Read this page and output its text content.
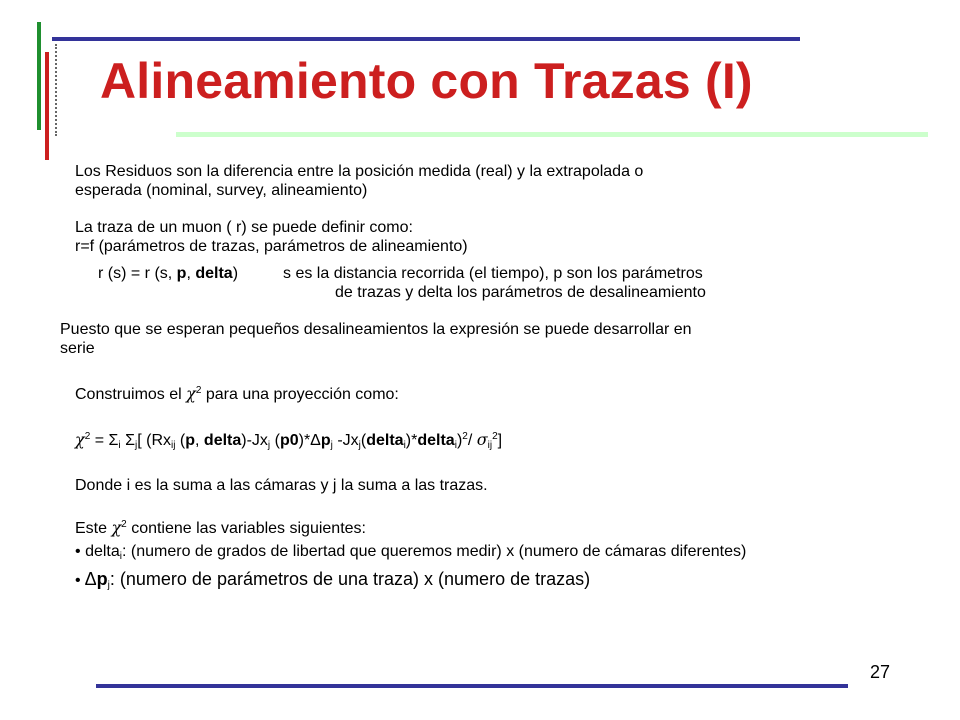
Alineamiento con Trazas (I)

Los Residuos son la diferencia entre la posición medida (real) y la extrapolada o
esperada (nominal, survey, alineamiento)

La traza de un muon ( r) se puede definir como:
r=f (parámetros de trazas, parámetros de alineamiento)

r (s) = r (s, p, delta)	s es la distancia recorrida (el tiempo), p son los parámetros
de trazas y delta los parámetros de desalineamiento

Puesto que se esperan pequeños desalineamientos la expresión se puede desarrollar en
serie

Construimos el $\chi^2$ para una proyección como:

$\chi^2 = \Sigma_i$ $\Sigma_j$[ ($Rx_{ij}$ (p, $delta)-Jx_j$ $(p0)*\Delta p_j$ $-Jx_j(delta_i)*delta_i)^2/$ $\sigma_{ij}^2$]

Donde i es la suma a las cámaras y j la suma a las trazas.

Este $\chi^2$ contiene las variables siguientes:

• delta$_i$: (numero de grados de libertad que queremos medir) x (numero de cámaras diferentes)

• $\Delta p_j$: (numero de parámetros de una traza) x (numero de trazas)

27
